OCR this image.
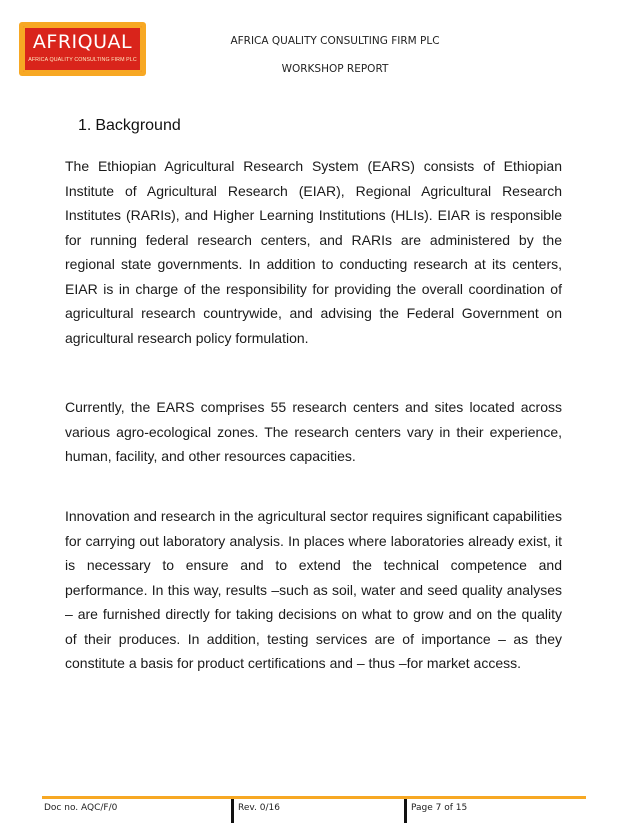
AFRIQUAL
AFRICA QUALITY CONSULTING FIRM PLC
AFRICA QUALITY CONSULTING FIRM PLC
WORKSHOP REPORT
1. Background

The Ethiopian Agricultural Research System (EARS) consists of Ethiopian Institute of Agricultural Research (EIAR), Regional Agricultural Research Institutes (RARIs), and Higher Learning Institutions (HLIs). EIAR is responsible for running federal research centers, and RARIs are administered by the regional state governments. In addition to conducting research at its centers, EIAR is in charge of the responsibility for providing the overall coordination of agricultural research countrywide, and advising the Federal Government on agricultural research policy formulation.

Currently, the EARS comprises 55 research centers and sites located across various agro-ecological zones. The research centers vary in their experience, human, facility, and other resources capacities.

Innovation and research in the agricultural sector requires significant capabilities for carrying out laboratory analysis. In places where laboratories already exist, it is necessary to ensure and to extend the technical competence and performance. In this way, results –such as soil, water and seed quality analyses – are furnished directly for taking decisions on what to grow and on the quality of their produces. In addition, testing services are of importance – as they constitute a basis for product certifications and – thus –for market access.

Doc no. AQC/F/0	Rev. 0/16	Page 7 of 15
